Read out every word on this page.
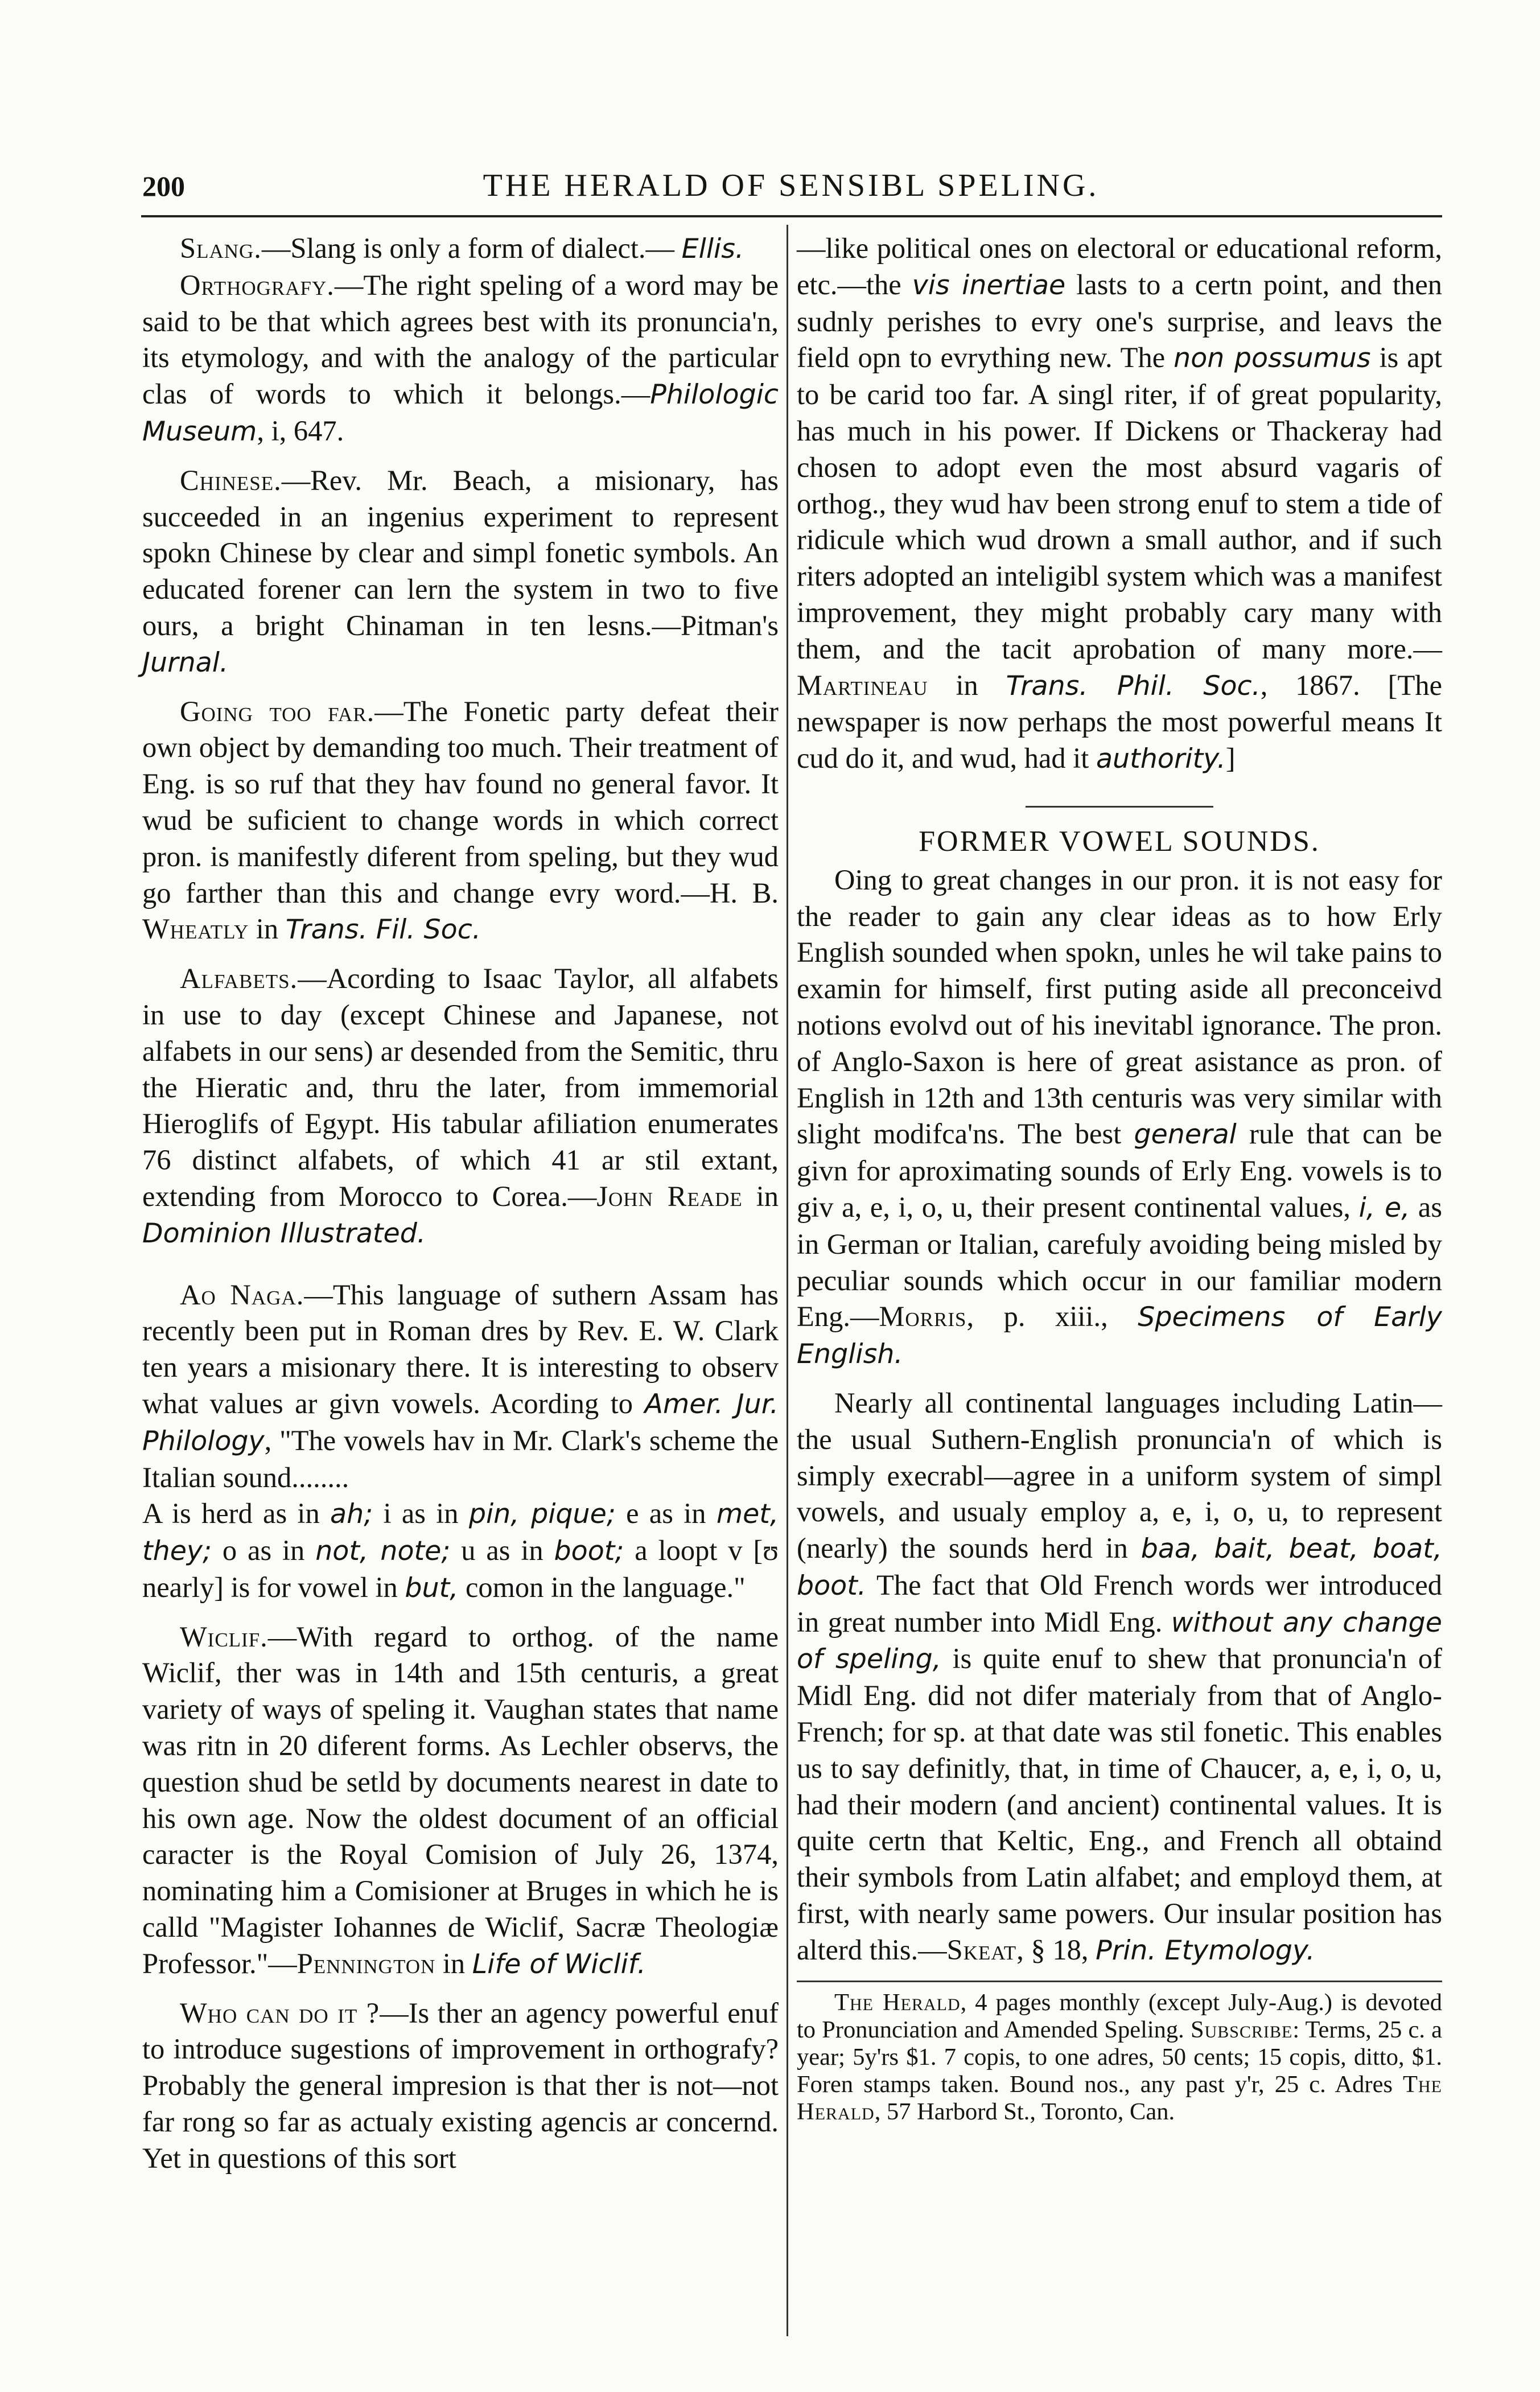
200	THE HERALD OF SENSIBL SPELING.

Slang.—Slang is only a form of dialect.— Ellis.

Orthografy.—The right speling of a word may be said to be that which agrees best with its pronuncia'n, its etymology, and with the analogy of the particular clas of words to which it belongs.—Philologic Museum, i, 647.

Chinese.—Rev. Mr. Beach, a misionary, has succeeded in an ingenius experiment to represent spokn Chinese by clear and simpl fonetic symbols. An educated forener can lern the system in two to five ours, a bright Chinaman in ten lesns.—Pitman's Jurnal.

Going too far.—The Fonetic party defeat their own object by demanding too much. Their treatment of Eng. is so ruf that they hav found no general favor. It wud be suficient to change words in which correct pron. is manifestly diferent from speling, but they wud go farther than this and change evry word.—H. B. Wheatly in Trans. Fil. Soc.

Alfabets.—Acording to Isaac Taylor, all alfabets in use to day (except Chinese and Japanese, not alfabets in our sens) ar desended from the Semitic, thru the Hieratic and, thru the later, from immemorial Hieroglifs of Egypt. His tabular afiliation enumerates 76 distinct alfabets, of which 41 ar stil extant, extending from Morocco to Corea.—John Reade in Dominion Illustrated.

Ao Naga.—This language of suthern Assam has recently been put in Roman dres by Rev. E. W. Clark ten years a misionary there. It is interesting to observ what values ar givn vowels. Acording to Amer. Jur. Philology, "The vowels hav in Mr. Clark's scheme the Italian sound........

A is herd as in ah; i as in pin, pique; e as in met, they; o as in not, note; u as in boot; a loopt v [ʊ nearly] is for vowel in but, comon in the language."

Wiclif.—With regard to orthog. of the name Wiclif, ther was in 14th and 15th centuris, a great variety of ways of speling it. Vaughan states that name was ritn in 20 diferent forms. As Lechler observs, the question shud be setld by documents nearest in date to his own age. Now the oldest document of an official caracter is the Royal Comision of July 26, 1374, nominating him a Comisioner at Bruges in which he is calld "Magister Iohannes de Wiclif, Sacræ Theologiæ Professor."—Pennington in Life of Wiclif.

Who can do it ?—Is ther an agency powerful enuf to introduce sugestions of improvement in orthografy? Probably the general impresion is that ther is not—not far rong so far as actualy existing agencis ar concernd. Yet in questions of this sort

—like political ones on electoral or educational reform, etc.—the vis inertiae lasts to a certn point, and then sudnly perishes to evry one's surprise, and leavs the field opn to evrything new. The non possumus is apt to be carid too far. A singl riter, if of great popularity, has much in his power. If Dickens or Thackeray had chosen to adopt even the most absurd vagaris of orthog., they wud hav been strong enuf to stem a tide of ridicule which wud drown a small author, and if such riters adopted an inteligibl system which was a manifest improvement, they might probably cary many with them, and the tacit aprobation of many more.—Martineau in Trans. Phil. Soc., 1867. [The newspaper is now perhaps the most powerful means It cud do it, and wud, had it authority.]

FORMER VOWEL SOUNDS.

Oing to great changes in our pron. it is not easy for the reader to gain any clear ideas as to how Erly English sounded when spokn, unles he wil take pains to examin for himself, first puting aside all preconceivd notions evolvd out of his inevitabl ignorance. The pron. of Anglo-Saxon is here of great asistance as pron. of English in 12th and 13th centuris was very similar with slight modifca'ns. The best general rule that can be givn for aproximating sounds of Erly Eng. vowels is to giv a, e, i, o, u, their present continental values, i, e, as in German or Italian, carefuly avoiding being misled by peculiar sounds which occur in our familiar modern Eng.—Morris, p. xiii., Specimens of Early English.

Nearly all continental languages including Latin—the usual Suthern-English pronuncia'n of which is simply execrabl—agree in a uniform system of simpl vowels, and usualy employ a, e, i, o, u, to represent (nearly) the sounds herd in baa, bait, beat, boat, boot. The fact that Old French words wer introduced in great number into Midl Eng. without any change of speling, is quite enuf to shew that pronuncia'n of Midl Eng. did not difer materialy from that of Anglo-French; for sp. at that date was stil fonetic. This enables us to say definitly, that, in time of Chaucer, a, e, i, o, u, had their modern (and ancient) continental values. It is quite certn that Keltic, Eng., and French all obtaind their symbols from Latin alfabet; and employd them, at first, with nearly same powers. Our insular position has alterd this.—Skeat, § 18, Prin. Etymology.

The Herald, 4 pages monthly (except July-Aug.) is devoted to Pronunciation and Amended Speling. Subscribe: Terms, 25 c. a year; 5y'rs $1. 7 copis, to one adres, 50 cents; 15 copis, ditto, $1. Foren stamps taken. Bound nos., any past y'r, 25 c. Adres The Herald, 57 Harbord St., Toronto, Can.
